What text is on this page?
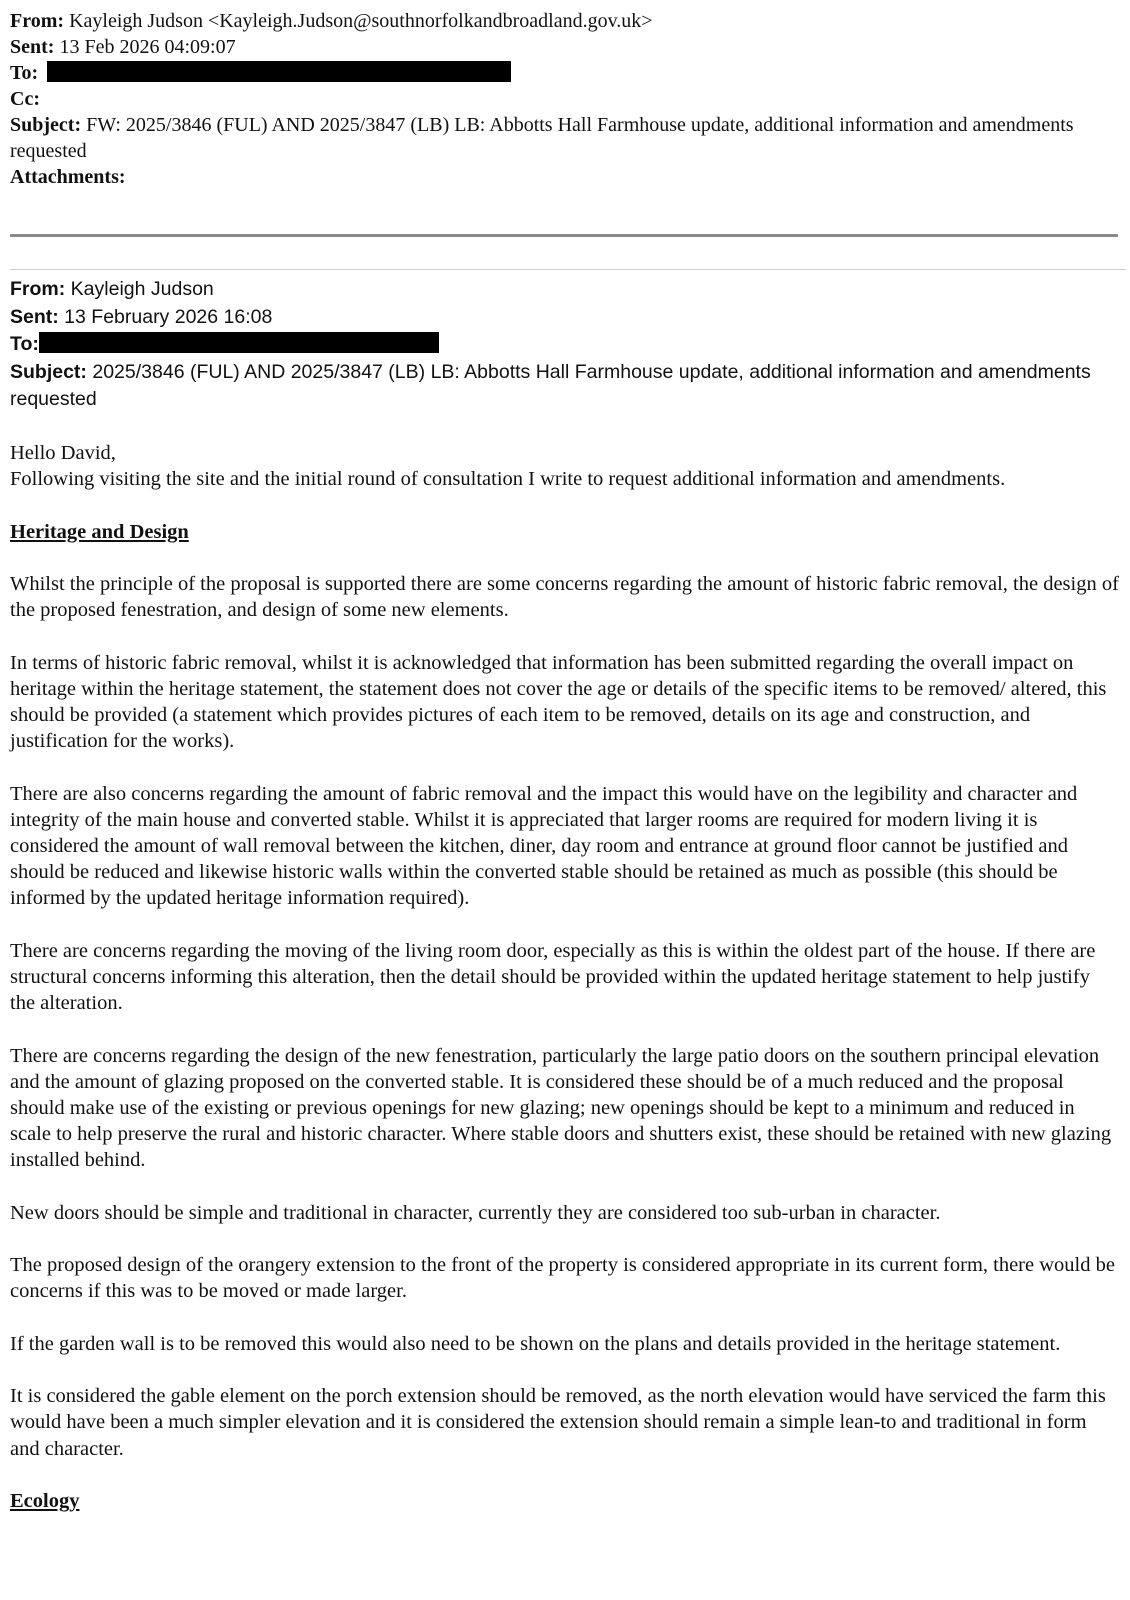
From: Kayleigh Judson <Kayleigh.Judson@southnorfolkandbroadland.gov.uk>
Sent: 13 Feb 2026 04:09:07
To:
Cc:
Subject: FW: 2025/3846 (FUL) AND 2025/3847 (LB) LB: Abbotts Hall Farmhouse update, additional information and amendments requested
Attachments:
From: Kayleigh Judson
Sent: 13 February 2026 16:08
To:
Subject: 2025/3846 (FUL) AND 2025/3847 (LB) LB: Abbotts Hall Farmhouse update, additional information and amendments requested

Hello David,

Following visiting the site and the initial round of consultation I write to request additional information and amendments.

Heritage and Design

Whilst the principle of the proposal is supported there are some concerns regarding the amount of historic fabric removal, the design of the proposed fenestration, and design of some new elements.

In terms of historic fabric removal, whilst it is acknowledged that information has been submitted regarding the overall impact on heritage within the heritage statement, the statement does not cover the age or details of the specific items to be removed/ altered, this should be provided (a statement which provides pictures of each item to be removed, details on its age and construction, and justification for the works).

There are also concerns regarding the amount of fabric removal and the impact this would have on the legibility and character and integrity of the main house and converted stable. Whilst it is appreciated that larger rooms are required for modern living it is considered the amount of wall removal between the kitchen, diner, day room and entrance at ground floor cannot be justified and should be reduced and likewise historic walls within the converted stable should be retained as much as possible (this should be informed by the updated heritage information required).

There are concerns regarding the moving of the living room door, especially as this is within the oldest part of the house. If there are structural concerns informing this alteration, then the detail should be provided within the updated heritage statement to help justify the alteration.

There are concerns regarding the design of the new fenestration, particularly the large patio doors on the southern principal elevation and the amount of glazing proposed on the converted stable. It is considered these should be of a much reduced and the proposal should make use of the existing or previous openings for new glazing; new openings should be kept to a minimum and reduced in scale to help preserve the rural and historic character. Where stable doors and shutters exist, these should be retained with new glazing installed behind.

New doors should be simple and traditional in character, currently they are considered too sub-urban in character.

The proposed design of the orangery extension to the front of the property is considered appropriate in its current form, there would be concerns if this was to be moved or made larger.

If the garden wall is to be removed this would also need to be shown on the plans and details provided in the heritage statement.

It is considered the gable element on the porch extension should be removed, as the north elevation would have serviced the farm this would have been a much simpler elevation and it is considered the extension should remain a simple lean-to and traditional in form and character.

Ecology
